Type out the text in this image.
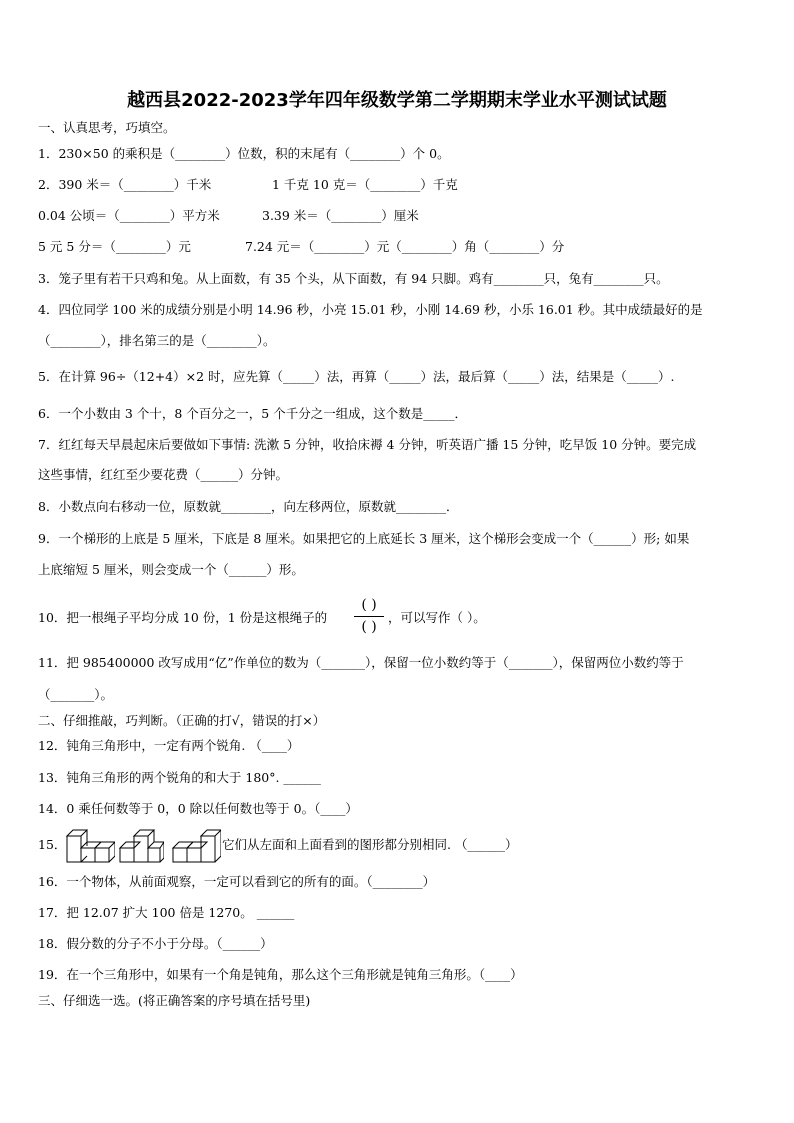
越西县2022-2023学年四年级数学第二学期期末学业水平测试试题
一、认真思考，巧填空。
1．230×50 的乘积是（________）位数，积的末尾有（________）个 0。
2．390 米＝（________）千米	1 千克 10 克＝（________）千克
0.04 公顷＝（________）平方米	3.39 米＝（________）厘米
5 元 5 分＝（________）元	7.24 元＝（________）元（________）角（________）分
3．笼子里有若干只鸡和兔。从上面数，有 35 个头，从下面数，有 94 只脚。鸡有________只，兔有________只。
4．四位同学 100 米的成绩分别是小明 14.96 秒，小亮 15.01 秒，小刚 14.69 秒，小乐 16.01 秒。其中成绩最好的是
（________），排名第三的是（________）。
5．在计算 96÷（12+4）×2 时，应先算（_____）法，再算（_____）法，最后算（_____）法，结果是（_____）.
6．一个小数由 3 个十，8 个百分之一，5 个千分之一组成，这个数是_____．
7．红红每天早晨起床后要做如下事情: 洗漱 5 分钟，收拾床褥 4 分钟，听英语广播 15 分钟，吃早饭 10 分钟。要完成
这些事情，红红至少要花费（______）分钟。
8．小数点向右移动一位，原数就________，向左移两位，原数就________．
9．一个梯形的上底是 5 厘米，下底是 8 厘米。如果把它的上底延长 3 厘米，这个梯形会变成一个（______）形; 如果
上底缩短 5 厘米，则会变成一个（______）形。
10．把一根绳子平均分成 10 份，1 份是这根绳子的
( )
( )
，可以写作（ ）。
11．把 985400000 改写成用“亿”作单位的数为（_______），保留一位小数约等于（_______），保留两位小数约等于
（_______）。
二、仔细推敲，巧判断。（正确的打√，错误的打×）
12．钝角三角形中，一定有两个锐角. （____）
13．钝角三角形的两个锐角的和大于 180°. ______
14．0 乘任何数等于 0，0 除以任何数也等于 0。（____）
15．	它们从左面和上面看到的图形都分别相同. （______）
16．一个物体，从前面观察，一定可以看到它的所有的面。（________）
17．把 12.07 扩大 100 倍是 1270。 ______
18．假分数的分子不小于分母。（______）
19．在一个三角形中，如果有一个角是钝角，那么这个三角形就是钝角三角形。（____）
三、仔细选一选。(将正确答案的序号填在括号里)
